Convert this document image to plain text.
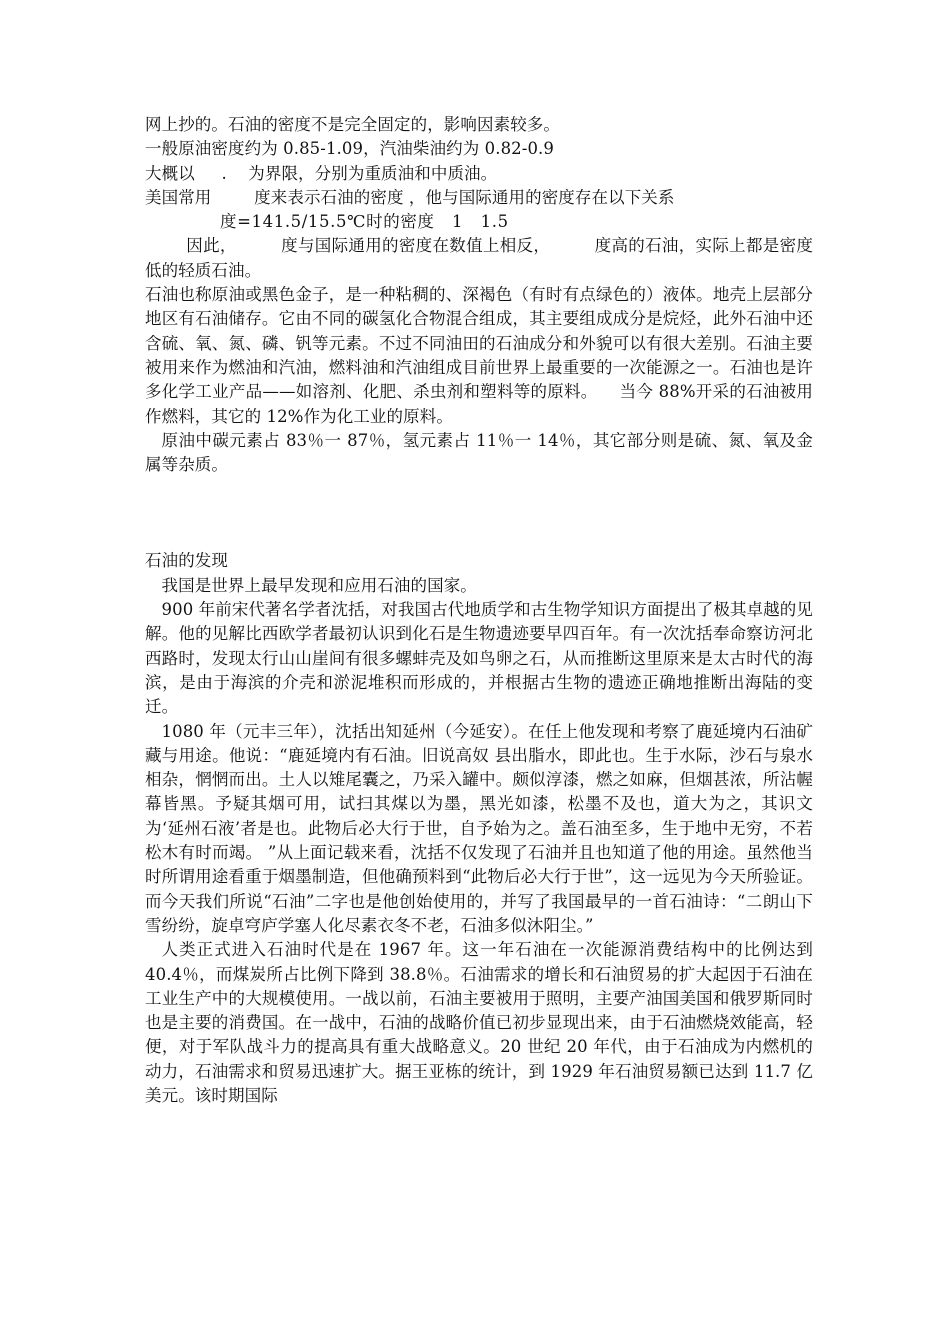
网上抄的。石油的密度不是完全固定的，影响因素较多。

一般原油密度约为 0.85-1.09，汽油柴油约为 0.82-0.9

大概以     .    为界限，分别为重质油和中质油。

美国常用        度来表示石油的密度 ，他与国际通用的密度存在以下关系

度=141.5/15.5℃时的密度   1   1.5

因此，        度与国际通用的密度在数值上相反，        度高的石油，实际上都是密度低的轻质石油。

石油也称原油或黑色金子，是一种粘稠的、深褐色（有时有点绿色的）液体。地壳上层部分地区有石油储存。它由不同的碳氢化合物混合组成，其主要组成成分是烷烃，此外石油中还含硫、氧、氮、磷、钒等元素。不过不同油田的石油成分和外貌可以有很大差别。石油主要被用来作为燃油和汽油，燃料油和汽油组成目前世界上最重要的一次能源之一。石油也是许多化学工业产品——如溶剂、化肥、杀虫剂和塑料等的原料。    当今 88%开采的石油被用作燃料，其它的 12%作为化工业的原料。

原油中碳元素占 83％一 87％，氢元素占 11％一 14％，其它部分则是硫、氮、氧及金属等杂质。

石油的发现

我国是世界上最早发现和应用石油的国家。

900 年前宋代著名学者沈括，对我国古代地质学和古生物学知识方面提出了极其卓越的见解。他的见解比西欧学者最初认识到化石是生物遗迹要早四百年。有一次沈括奉命察访河北西路时，发现太行山山崖间有很多螺蚌壳及如鸟卵之石，从而推断这里原来是太古时代的海滨，是由于海滨的介壳和淤泥堆积而形成的，并根据古生物的遗迹正确地推断出海陆的变迁。

1080 年（元丰三年），沈括出知延州（今延安）。在任上他发现和考察了鹿延境内石油矿藏与用途。他说：“鹿延境内有石油。旧说高奴 县出脂水，即此也。生于水际，沙石与泉水相杂，惘惘而出。土人以雉尾囊之，乃采入罐中。颇似淳漆，燃之如麻，但烟甚浓，所沾幄幕皆黑。予疑其烟可用，试扫其煤以为墨，黑光如漆，松墨不及也，道大为之，其识文为‘延州石液’者是也。此物后必大行于世，自予始为之。盖石油至多，生于地中无穷，不若松木有时而竭。 ”从上面记载来看，沈括不仅发现了石油并且也知道了他的用途。虽然他当时所谓用途看重于烟墨制造，但他确预料到“此物后必大行于世”，这一远见为今天所验证。而今天我们所说“石油”二字也是他创始使用的，并写了我国最早的一首石油诗：“二朗山下雪纷纷，旋卓穹庐学塞人化尽素衣冬不老，石油多似沐阳尘。”

人类正式进入石油时代是在 1967 年。这一年石油在一次能源消费结构中的比例达到 40.4％，而煤炭所占比例下降到 38.8％。石油需求的增长和石油贸易的扩大起因于石油在工业生产中的大规模使用。一战以前，石油主要被用于照明，主要产油国美国和俄罗斯同时也是主要的消费国。在一战中，石油的战略价值已初步显现出来，由于石油燃烧效能高，轻便，对于军队战斗力的提高具有重大战略意义。20 世纪 20 年代，由于石油成为内燃机的动力，石油需求和贸易迅速扩大。据王亚栋的统计，到 1929 年石油贸易额已达到 11.7 亿美元。该时期国际
